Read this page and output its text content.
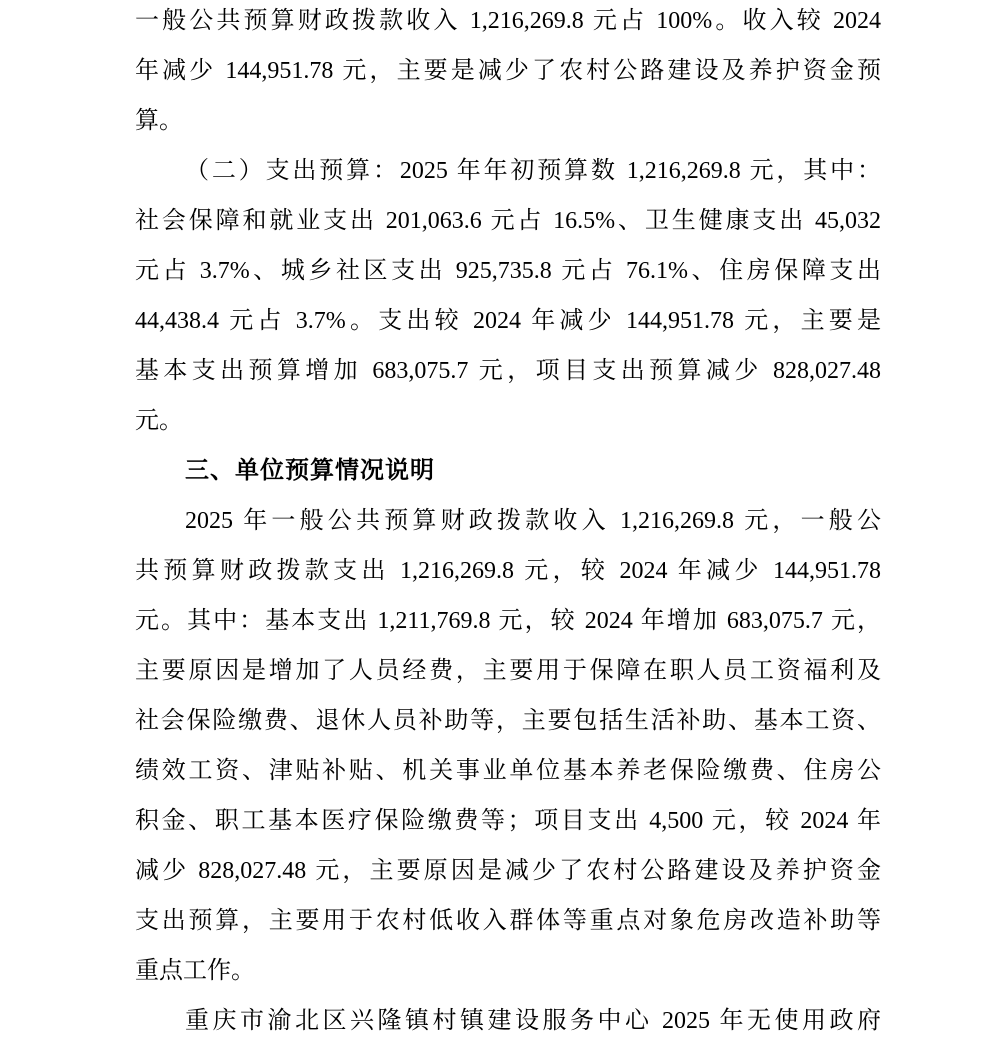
一般公共预算财政拨款收入 1,216,269.8 元占 100%。收入较 2024
年减少 144,951.78 元，主要是减少了农村公路建设及养护资金预
算。
（二）支出预算：2025 年年初预算数 1,216,269.8 元，其中：
社会保障和就业支出 201,063.6 元占 16.5%、卫生健康支出 45,032
元占 3.7%、城乡社区支出 925,735.8 元占 76.1%、住房保障支出
44,438.4 元占 3.7%。支出较 2024 年减少 144,951.78 元，主要是
基本支出预算增加 683,075.7 元，项目支出预算减少 828,027.48
元。
三、单位预算情况说明
2025 年一般公共预算财政拨款收入 1,216,269.8 元，一般公
共预算财政拨款支出 1,216,269.8 元，较 2024 年减少 144,951.78
元。其中：基本支出 1,211,769.8 元，较 2024 年增加 683,075.7 元，
主要原因是增加了人员经费，主要用于保障在职人员工资福利及
社会保险缴费、退休人员补助等，主要包括生活补助、基本工资、
绩效工资、津贴补贴、机关事业单位基本养老保险缴费、住房公
积金、职工基本医疗保险缴费等；项目支出 4,500 元，较 2024 年
减少 828,027.48 元，主要原因是减少了农村公路建设及养护资金
支出预算，主要用于农村低收入群体等重点对象危房改造补助等
重点工作。
重庆市渝北区兴隆镇村镇建设服务中心 2025 年无使用政府
